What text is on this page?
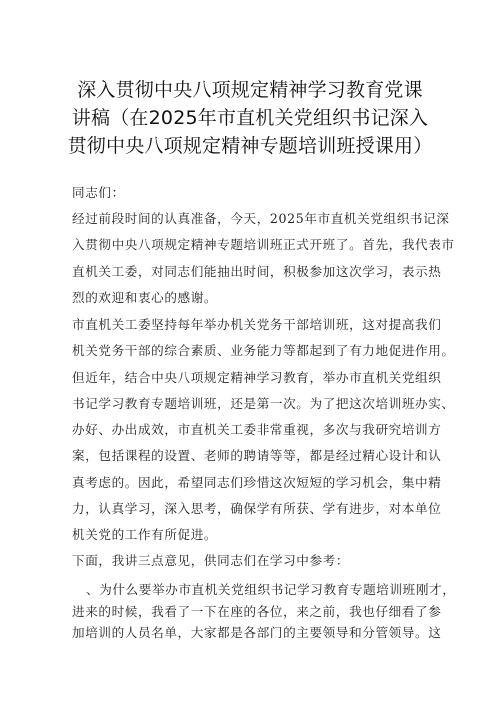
深入贯彻中央八项规定精神学习教育党课
讲稿（在2025年市直机关党组织书记深入
贯彻中央八项规定精神专题培训班授课用）
同志们：
经过前段时间的认真准备，今天，2025年市直机关党组织书记深
入贯彻中央八项规定精神专题培训班正式开班了。首先，我代表市
直机关工委，对同志们能抽出时间，积极参加这次学习，表示热
烈的欢迎和衷心的感谢。
市直机关工委坚持每年举办机关党务干部培训班，这对提高我们
机关党务干部的综合素质、业务能力等都起到了有力地促进作用。
但近年，结合中央八项规定精神学习教育，举办市直机关党组织
书记学习教育专题培训班，还是第一次。为了把这次培训班办实、
办好、办出成效，市直机关工委非常重视，多次与我研究培训方
案，包括课程的设置、老师的聘请等等，都是经过精心设计和认
真考虑的。因此，希望同志们珍惜这次短短的学习机会，集中精
力，认真学习，深入思考，确保学有所获、学有进步，对本单位
机关党的工作有所促进。
下面，我讲三点意见，供同志们在学习中参考：
、为什么要举办市直机关党组织书记学习教育专题培训班刚才，
进来的时候，我看了一下在座的各位，来之前，我也仔细看了参
加培训的人员名单，大家都是各部门的主要领导和分管领导。这
